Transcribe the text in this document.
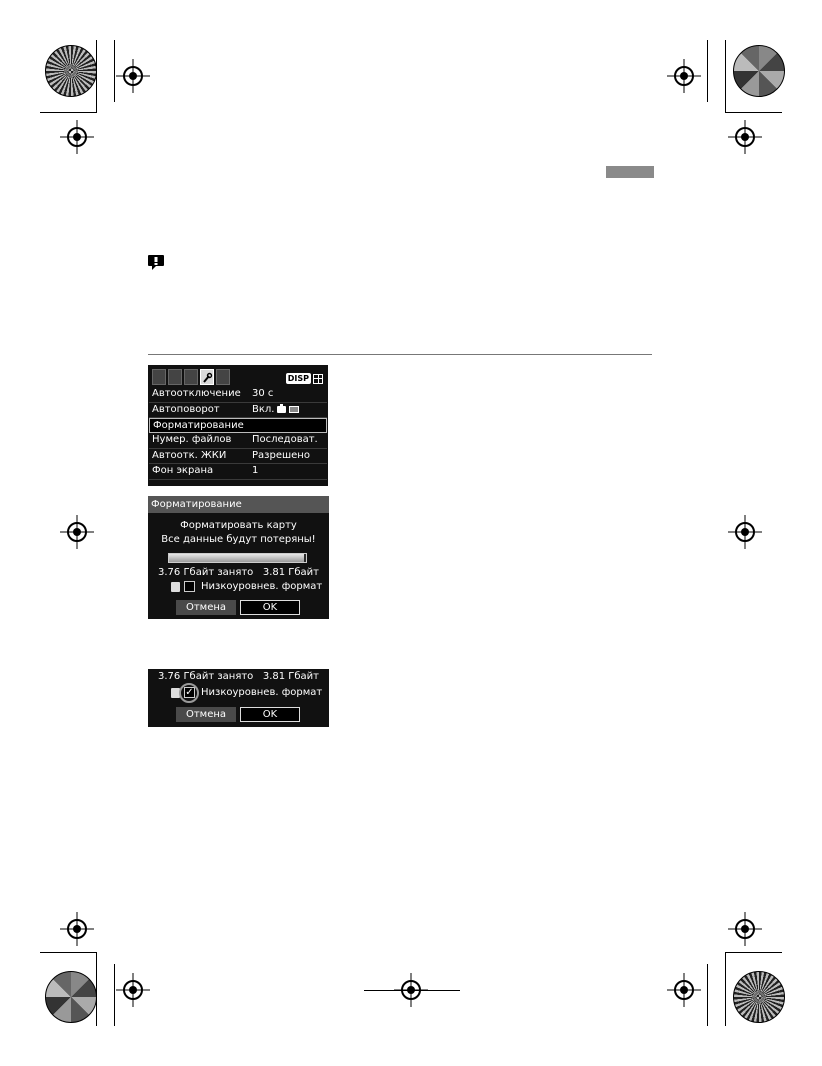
DISP
Автоотключение 30 с
Автоповорот	Вкл.
Форматирование
Нумер. файлов Последоват.
Автоотк. ЖКИ	Разрешено
Фон экрана	1
Форматирование
Форматировать карту
Все данные будут потеряны!
3.76 Гбайт занято 3.81 Гбайт
Низкоуровнев. формат
Отмена	OK
3.76 Гбайт занято 3.81 Гбайт
✓ Низкоуровнев. формат
Отмена	OK
